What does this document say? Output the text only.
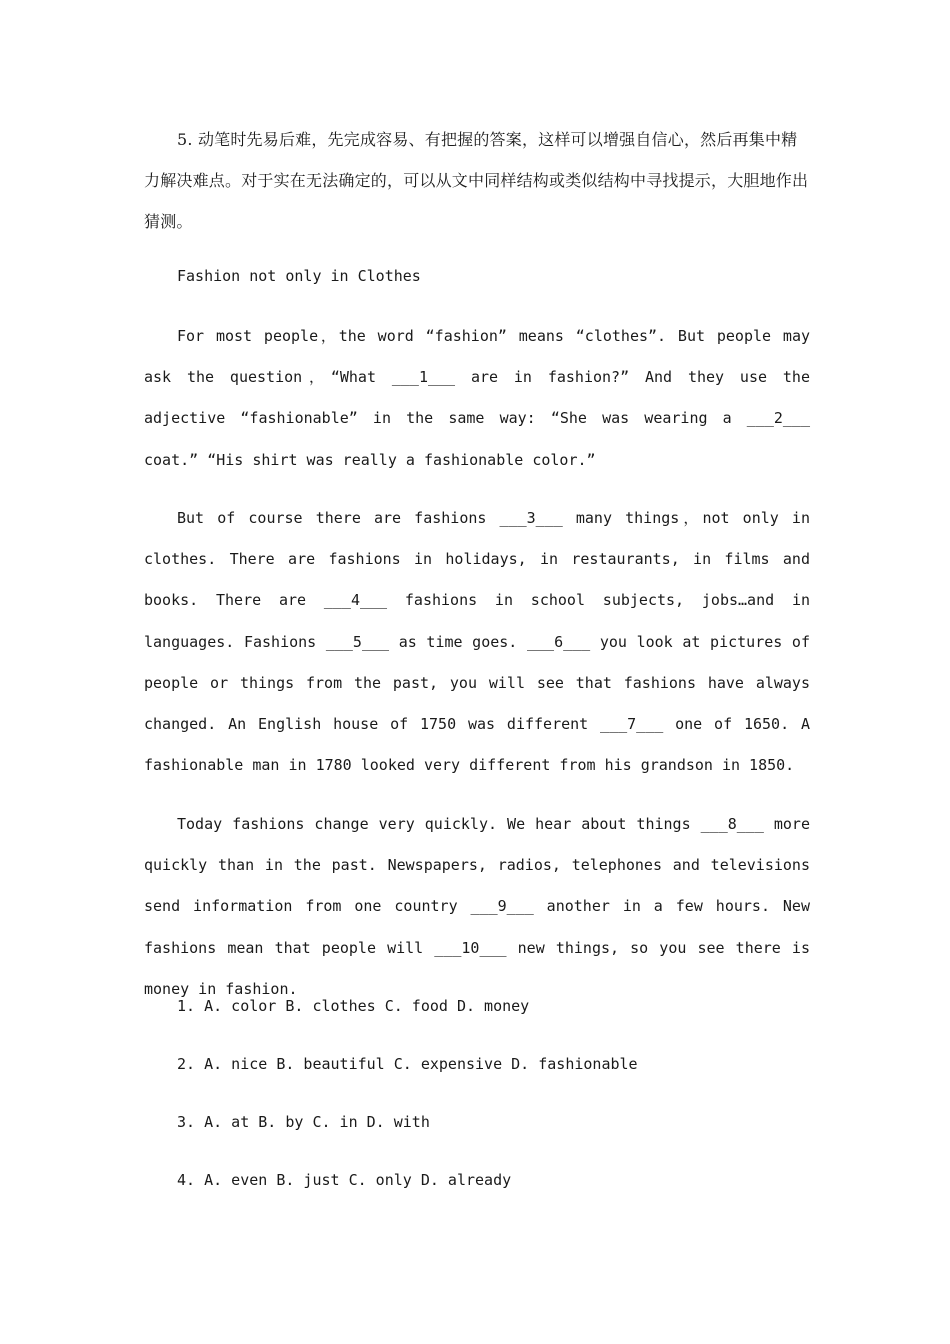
5. 动笔时先易后难，先完成容易、有把握的答案，这样可以增强自信心，然后再集中精力解决难点。对于实在无法确定的，可以从文中同样结构或类似结构中寻找提示，大胆地作出猜测。

Fashion not only in Clothes

For most people，the word “fashion” means “clothes”. But people may ask the question，“What ___1___ are in fashion?” And they use the adjective “fashionable” in the same way: “She was wearing a ___2___ coat.” “His shirt was really a fashionable color.”

But of course there are fashions ___3___ many things，not only in clothes. There are fashions in holidays, in restaurants, in films and books. There are ___4___ fashions in school subjects, jobs…and in languages. Fashions ___5___ as time goes. ___6___ you look at pictures of people or things from the past, you will see that fashions have always changed. An English house of 1750 was different ___7___ one of 1650. A fashionable man in 1780 looked very different from his grandson in 1850.

Today fashions change very quickly. We hear about things ___8___ more quickly than in the past. Newspapers, radios, telephones and televisions send information from one country ___9___ another in a few hours. New fashions mean that people will ___10___ new things, so you see there is money in fashion.

1. A. color B. clothes C. food D. money

2. A. nice B. beautiful C. expensive D. fashionable

3. A. at B. by C. in D. with

4. A. even B. just C. only D. already
